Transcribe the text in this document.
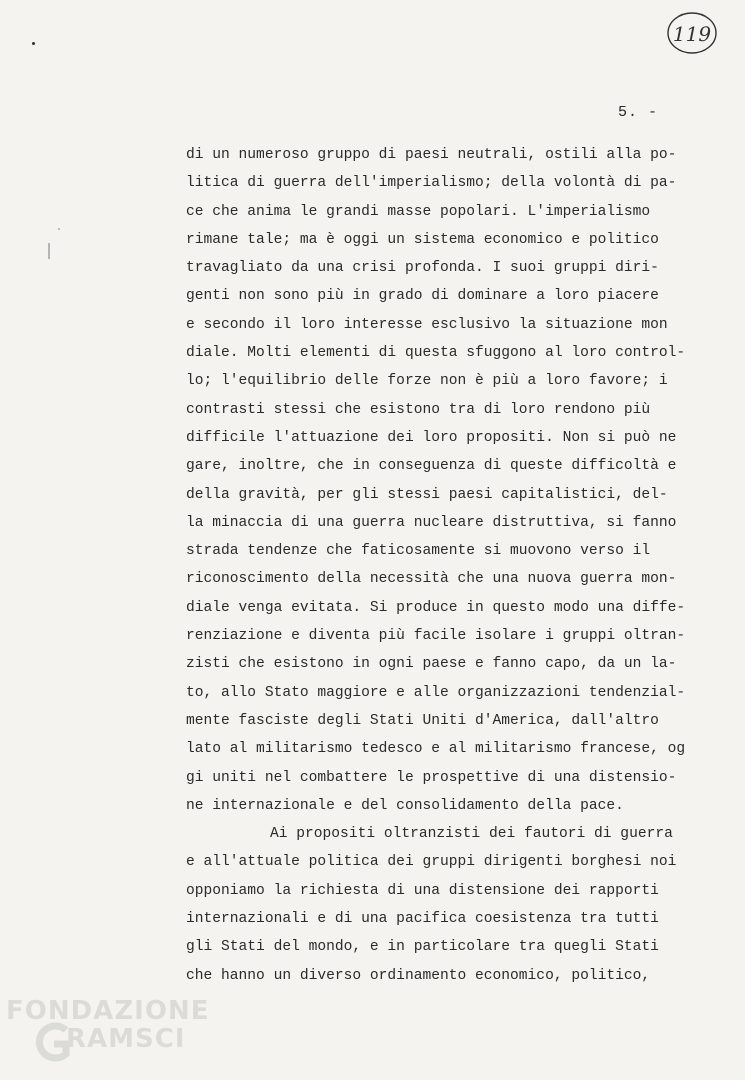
119
5. -
di un numeroso gruppo di paesi neutrali, ostili alla po-
litica di guerra dell'imperialismo; della volontà di pa-
ce che anima le grandi masse popolari. L'imperialismo
rimane tale; ma è oggi un sistema economico e politico
travagliato da una crisi profonda. I suoi gruppi diri-
genti non sono più in grado di dominare a loro piacere
e secondo il loro interesse esclusivo la situazione mon
diale. Molti elementi di questa sfuggono al loro control-
lo; l'equilibrio delle forze non è più a loro favore; i
contrasti stessi che esistono tra di loro rendono più
difficile l'attuazione dei loro propositi. Non si può ne
gare, inoltre, che in conseguenza di queste difficoltà e
della gravità, per gli stessi paesi capitalistici, del-
la minaccia di una guerra nucleare distruttiva, si fanno
strada tendenze che faticosamente si muovono verso il
riconoscimento della necessità che una nuova guerra mon-
diale venga evitata. Si produce in questo modo una diffe-
renziazione e diventa più facile isolare i gruppi oltran-
zisti che esistono in ogni paese e fanno capo, da un la-
to, allo Stato maggiore e alle organizzazioni tendenzial-
mente fasciste degli Stati Uniti d'America, dall'altro
lato al militarismo tedesco e al militarismo francese, og
gi uniti nel combattere le prospettive di una distensio-
ne internazionale e del consolidamento della pace.
Ai propositi oltranzisti dei fautori di guerra
e all'attuale politica dei gruppi dirigenti borghesi noi
opponiamo la richiesta di una distensione dei rapporti
internazionali e di una pacifica coesistenza tra tutti
gli Stati del mondo, e in particolare tra quegli Stati
che hanno un diverso ordinamento economico, politico,
FONDAZIONE
RAMSCI
